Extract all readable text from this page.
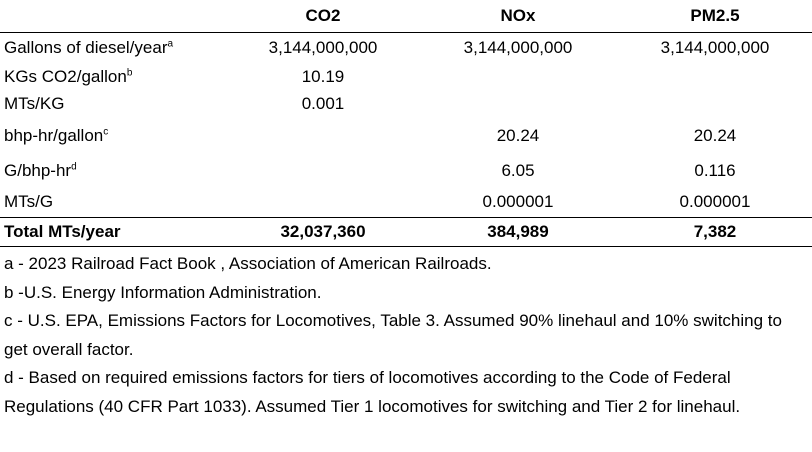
	CO2	NOx	PM2.5
Gallons of diesel/year$^a$	3,144,000,000	3,144,000,000	3,144,000,000
KGs CO2/gallon$^b$	10.19		
MTs/KG	0.001		
bhp-hr/gallon$^c$		20.24	20.24
$G/bhp-hr^d$		6.05	0.116
MTs/G		0.000001	0.000001
Total MTs/year	32,037,360	384,989	7,382

a - 2023 Railroad Fact Book , Association of American Railroads.

b -U.S. Energy Information Administration.

c - U.S. EPA, Emissions Factors for Locomotives, Table 3. Assumed 90% linehaul and 10% switching to get overall factor.

d - Based on required emissions factors for tiers of locomotives according to the Code of Federal Regulations (40 CFR Part 1033). Assumed Tier 1 locomotives for switching and Tier 2 for linehaul.
